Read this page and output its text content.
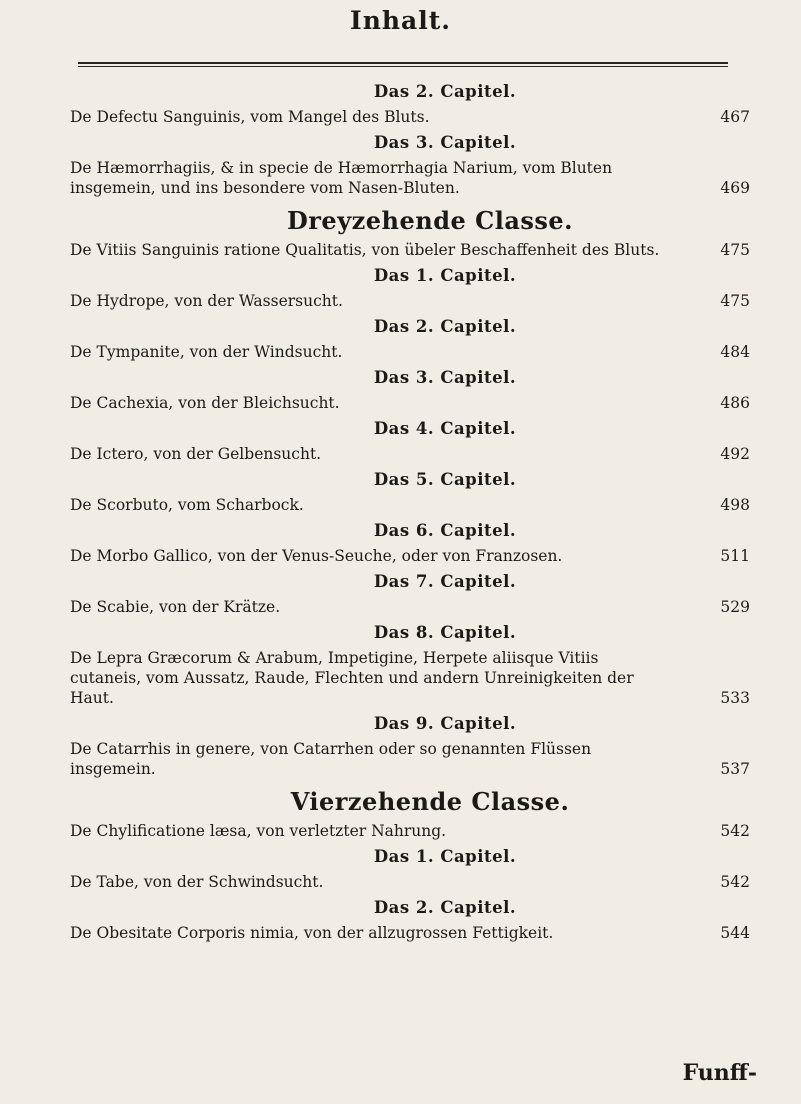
Inhalt.
Das 2. Capitel.
De Defectu Sanguinis, vom Mangel des Bluts.	467
Das 3. Capitel.
De Hæmorrhagiis, & in specie de Hæmorrhagia Narium, vom Bluten insgemein, und ins besondere vom Nasen-Bluten.	469
Dreyzehende Classe.
De Vitiis Sanguinis ratione Qualitatis, von übeler Beschaffenheit des Bluts.	475
Das 1. Capitel.
De Hydrope, von der Wassersucht.	475
Das 2. Capitel.
De Tympanite, von der Windsucht.	484
Das 3. Capitel.
De Cachexia, von der Bleichsucht.	486
Das 4. Capitel.
De Ictero, von der Gelbensucht.	492
Das 5. Capitel.
De Scorbuto, vom Scharbock.	498
Das 6. Capitel.
De Morbo Gallico, von der Venus-Seuche, oder von Franzosen.	511
Das 7. Capitel.
De Scabie, von der Krätze.	529
Das 8. Capitel.
De Lepra Græcorum & Arabum, Impetigine, Herpete aliisque Vitiis cutaneis, vom Aussatz, Raude, Flechten und andern Unreinigkeiten der Haut.	533
Das 9. Capitel.
De Catarrhis in genere, von Catarrhen oder so genannten Flüssen insgemein.	537
Vierzehende Classe.
De Chylificatione læsa, von verletzter Nahrung.	542
Das 1. Capitel.
De Tabe, von der Schwindsucht.	542
Das 2. Capitel.
De Obesitate Corporis nimia, von der allzugrossen Fettigkeit.	544
Funff-
